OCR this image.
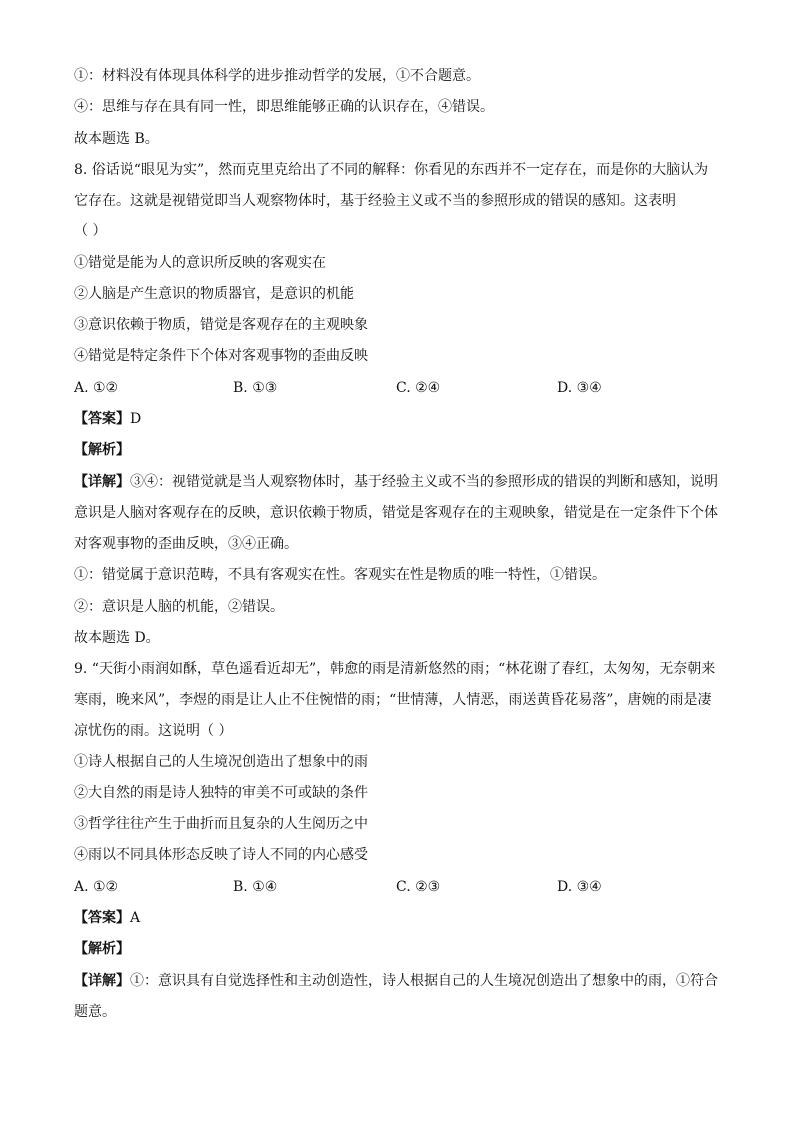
①：材料没有体现具体科学的进步推动哲学的发展，①不合题意。
④：思维与存在具有同一性，即思维能够正确的认识存在，④错误。
故本题选 B。
8. 俗话说“眼见为实”，然而克里克给出了不同的解释：你看见的东西并不一定存在，而是你的大脑认为
它存在。这就是视错觉即当人观察物体时，基于经验主义或不当的参照形成的错误的感知。这表明
（ ）
①错觉是能为人的意识所反映的客观实在
②人脑是产生意识的物质器官，是意识的机能
③意识依赖于物质，错觉是客观存在的主观映象
④错觉是特定条件下个体对客观事物的歪曲反映
A. ①②	B. ①③	C. ②④	D. ③④
【答案】D
【解析】
【详解】③④：视错觉就是当人观察物体时，基于经验主义或不当的参照形成的错误的判断和感知，说明
意识是人脑对客观存在的反映，意识依赖于物质，错觉是客观存在的主观映象，错觉是在一定条件下个体
对客观事物的歪曲反映，③④正确。
①：错觉属于意识范畴，不具有客观实在性。客观实在性是物质的唯一特性，①错误。
②：意识是人脑的机能，②错误。
故本题选 D。
9. “天街小雨润如酥，草色遥看近却无”，韩愈的雨是清新悠然的雨；“林花谢了春红，太匆匆，无奈朝来
寒雨，晚来风”，李煜的雨是让人止不住惋惜的雨；“世情薄，人情恶，雨送黄昏花易落”，唐婉的雨是凄
凉忧伤的雨。这说明（ ）
①诗人根据自己的人生境况创造出了想象中的雨
②大自然的雨是诗人独特的审美不可或缺的条件
③哲学往往产生于曲折而且复杂的人生阅历之中
④雨以不同具体形态反映了诗人不同的内心感受
A. ①②	B. ①④	C. ②③	D. ③④
【答案】A
【解析】
【详解】①：意识具有自觉选择性和主动创造性，诗人根据自己的人生境况创造出了想象中的雨，①符合
题意。
